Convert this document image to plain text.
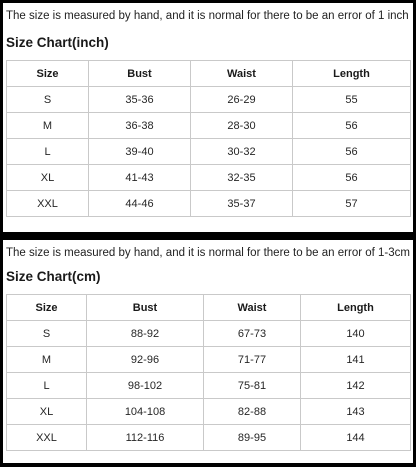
The size is measured by hand, and it is normal for there to be an error of 1 inch
Size Chart(inch)
Size	Bust	Waist	Length
S	35-36	26-29	55
M	36-38	28-30	56
L	39-40	30-32	56
XL	41-43	32-35	56
XXL	44-46	35-37	57
The size is measured by hand, and it is normal for there to be an error of 1-3cm
Size Chart(cm)
Size	Bust	Waist	Length
S	88-92	67-73	140
M	92-96	71-77	141
L	98-102	75-81	142
XL	104-108	82-88	143
XXL	112-116	89-95	144
